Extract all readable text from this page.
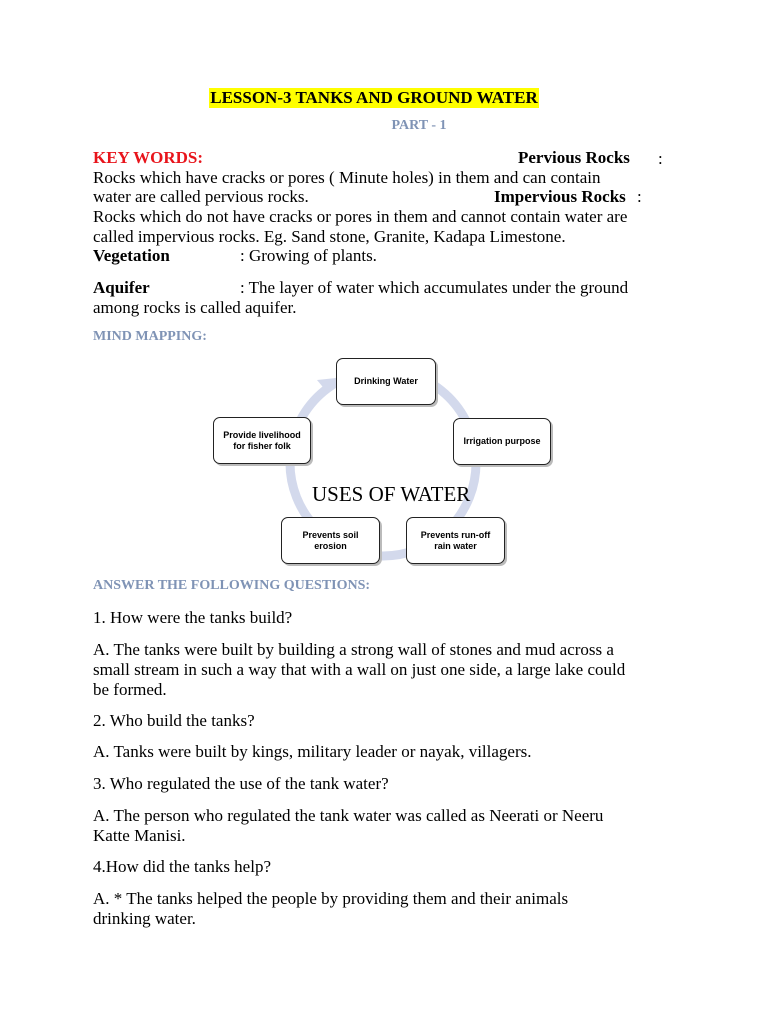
LESSON-3 TANKS AND GROUND WATER
PART - 1
KEY WORDS:	Pervious Rocks :
Rocks which have cracks or pores ( Minute holes) in them and can contain
water are called pervious rocks.	Impervious Rocks :
Rocks which do not have cracks or pores in them and cannot contain water are
called impervious rocks. Eg. Sand stone, Granite, Kadapa Limestone.
Vegetation	: Growing of plants.
Aquifer	: The layer of water which accumulates under the ground
among rocks is called aquifer.
MIND MAPPING:
Drinking Water
Irrigation purpose
Prevents run-off
rain water
Prevents soil
erosion
Provide livelihood
for fisher folk
USES OF WATER
ANSWER THE FOLLOWING QUESTIONS:
1. How were the tanks build?
A. The tanks were built by building a strong wall of stones and mud across a
small stream in such a way that with a wall on just one side, a large lake could
be formed.
2. Who build the tanks?
A. Tanks were built by kings, military leader or nayak, villagers.
3. Who regulated the use of the tank water?
A. The person who regulated the tank water was called as Neerati or Neeru
Katte Manisi.
4.How did the tanks help?
A. * The tanks helped the people by providing them and their animals
drinking water.
